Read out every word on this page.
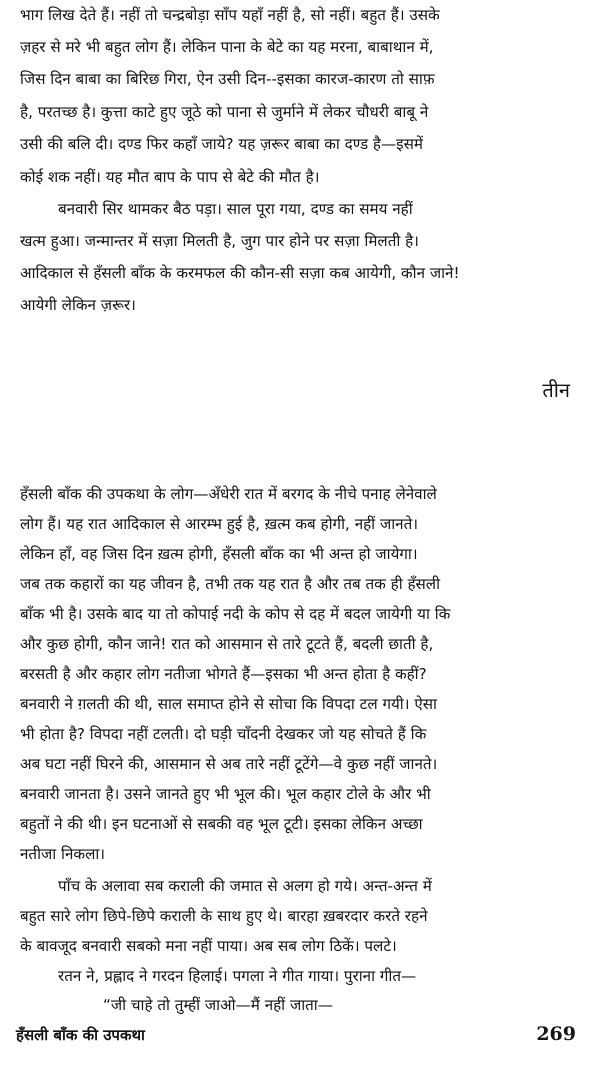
भाग लिख देते हैं। नहीं तो चन्द्रबोड़ा साँप यहाँ नहीं है, सो नहीं। बहुत हैं। उसके
ज़हर से मरे भी बहुत लोग हैं। लेकिन पाना के बेटे का यह मरना, बाबाथान में,
जिस दिन बाबा का बिरिछ गिरा, ऐन उसी दिन--इसका कारज-कारण तो साफ़
है, परतच्छ है। कुत्ता काटे हुए जूठे को पाना से जुर्माने में लेकर चौधरी बाबू ने
उसी की बलि दी। दण्ड फिर कहाँ जाये? यह ज़रूर बाबा का दण्ड है—इसमें
कोई शक नहीं। यह मौत बाप के पाप से बेटे की मौत है।
बनवारी सिर थामकर बैठ पड़ा। साल पूरा गया, दण्ड का समय नहीं
खत्म हुआ। जन्मान्तर में सज़ा मिलती है, जुग पार होने पर सज़ा मिलती है।
आदिकाल से हँसली बाँक के करमफल की कौन-सी सज़ा कब आयेगी, कौन जाने!
आयेगी लेकिन ज़रूर।
तीन
हँसली बाँक की उपकथा के लोग—अँधेरी रात में बरगद के नीचे पनाह लेनेवाले
लोग हैं। यह रात आदिकाल से आरम्भ हुई है, ख़त्म कब होगी, नहीं जानते।
लेकिन हाँ, वह जिस दिन ख़त्म होगी, हँसली बाँक का भी अन्त हो जायेगा।
जब तक कहारों का यह जीवन है, तभी तक यह रात है और तब तक ही हँसली
बाँक भी है। उसके बाद या तो कोपाई नदी के कोप से दह में बदल जायेगी या कि
और कुछ होगी, कौन जाने! रात को आसमान से तारे टूटते हैं, बदली छाती है,
बरसती है और कहार लोग नतीजा भोगते हैं—इसका भी अन्त होता है कहीं?
बनवारी ने ग़लती की थी, साल समाप्त होने से सोचा कि विपदा टल गयी। ऐसा
भी होता है? विपदा नहीं टलती। दो घड़ी चाँदनी देखकर जो यह सोचते हैं कि
अब घटा नहीं घिरने की, आसमान से अब तारे नहीं टूटेंगे—वे कुछ नहीं जानते।
बनवारी जानता है। उसने जानते हुए भी भूल की। भूल कहार टोले के और भी
बहुतों ने की थी। इन घटनाओं से सबकी वह भूल टूटी। इसका लेकिन अच्छा
नतीजा निकला।
पाँच के अलावा सब कराली की जमात से अलग हो गये। अन्त-अन्त में
बहुत सारे लोग छिपे-छिपे कराली के साथ हुए थे। बारहा ख़बरदार करते रहने
के बावजूद बनवारी सबको मना नहीं पाया। अब सब लोग ठिकें। पलटे।
रतन ने, प्रह्लाद ने गरदन हिलाई। पगला ने गीत गाया। पुराना गीत—
“जी चाहे तो तुम्हीं जाओ—मैं नहीं जाता—
हँसली बाँक की उपकथा	269
